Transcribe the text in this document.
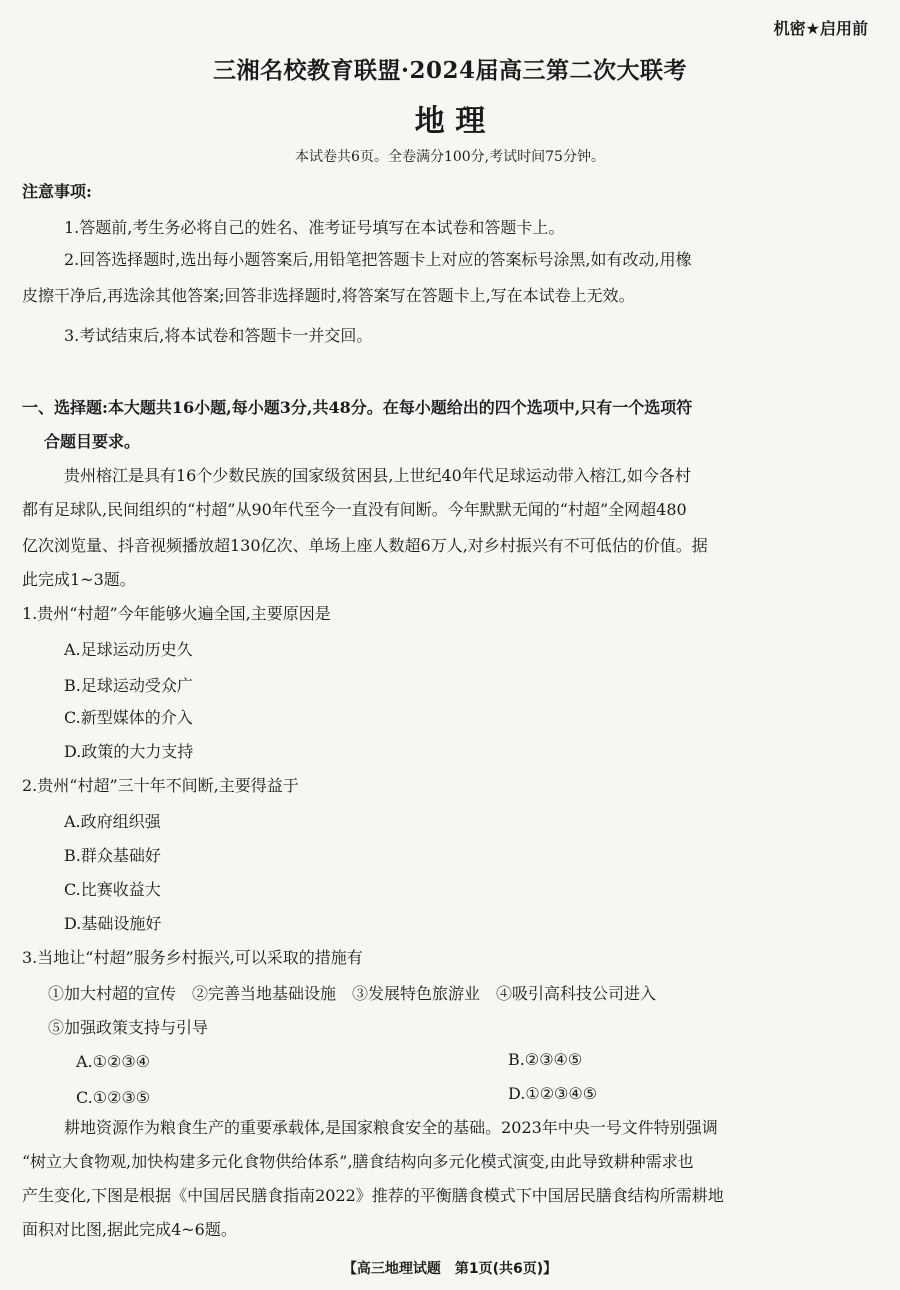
机密★启用前
三湘名校教育联盟·2024届高三第二次大联考
地 理
本试卷共6页。全卷满分100分,考试时间75分钟。
注意事项:
1.答题前,考生务必将自己的姓名、准考证号填写在本试卷和答题卡上。
2.回答选择题时,选出每小题答案后,用铅笔把答题卡上对应的答案标号涂黑,如有改动,用橡
皮擦干净后,再选涂其他答案;回答非选择题时,将答案写在答题卡上,写在本试卷上无效。
3.考试结束后,将本试卷和答题卡一并交回。
一、选择题:本大题共16小题,每小题3分,共48分。在每小题给出的四个选项中,只有一个选项符
合题目要求。
贵州榕江是具有16个少数民族的国家级贫困县,上世纪40年代足球运动带入榕江,如今各村
都有足球队,民间组织的“村超”从90年代至今一直没有间断。今年默默无闻的“村超”全网超480
亿次浏览量、抖音视频播放超130亿次、单场上座人数超6万人,对乡村振兴有不可低估的价值。据
此完成1~3题。
1.贵州“村超”今年能够火遍全国,主要原因是
A.足球运动历史久
B.足球运动受众广
C.新型媒体的介入
D.政策的大力支持
2.贵州“村超”三十年不间断,主要得益于
A.政府组织强
B.群众基础好
C.比赛收益大
D.基础设施好
3.当地让“村超”服务乡村振兴,可以采取的措施有
①加大村超的宣传　②完善当地基础设施　③发展特色旅游业　④吸引高科技公司进入
⑤加强政策支持与引导
A.①②③④	B.②③④⑤
C.①②③⑤	D.①②③④⑤
耕地资源作为粮食生产的重要承载体,是国家粮食安全的基础。2023年中央一号文件特别强调
“树立大食物观,加快构建多元化食物供给体系”,膳食结构向多元化模式演变,由此导致耕种需求也
产生变化,下图是根据《中国居民膳食指南2022》推荐的平衡膳食模式下中国居民膳食结构所需耕地
面积对比图,据此完成4~6题。
【高三地理试题　第1页(共6页)】
